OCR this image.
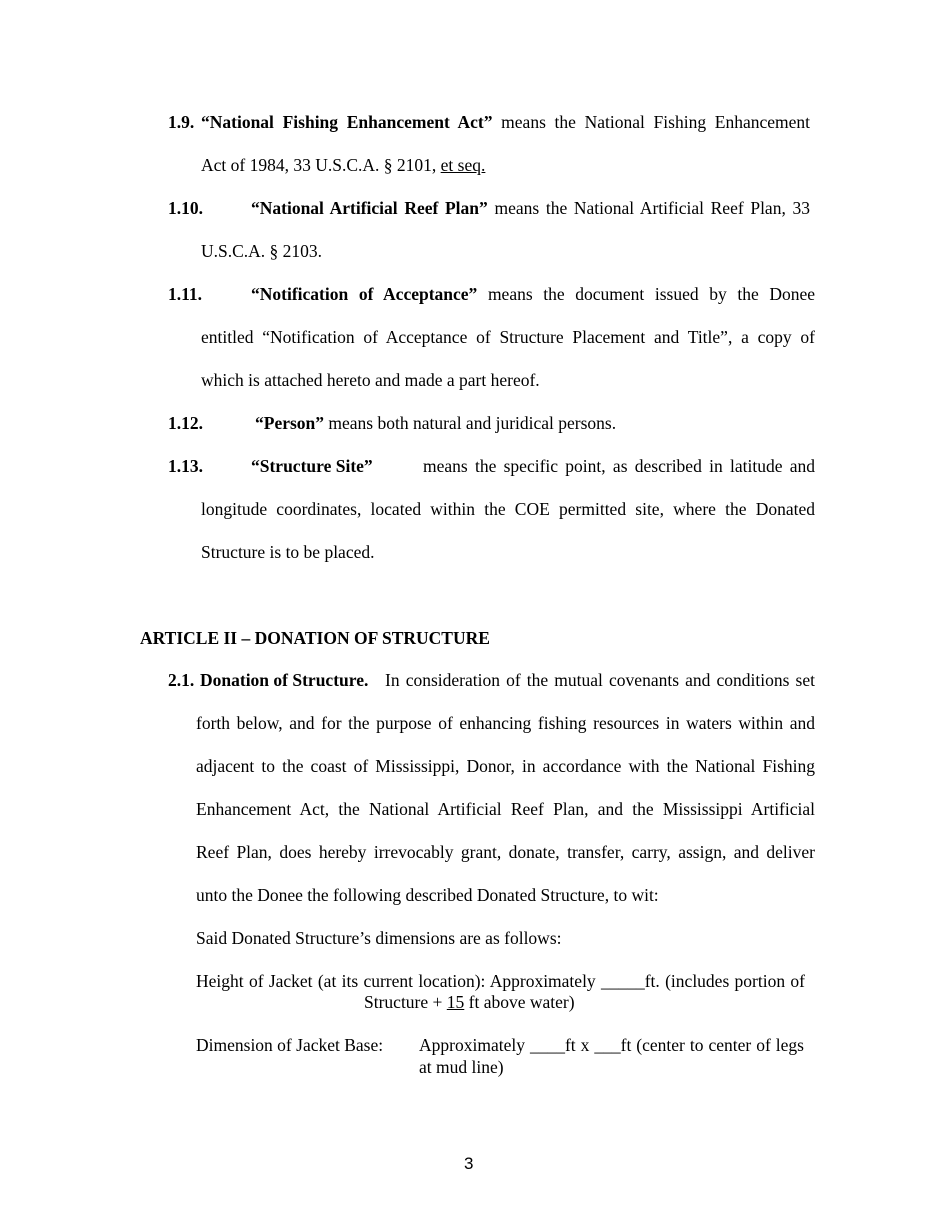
1.9. “National Fishing Enhancement Act” means the National Fishing Enhancement
Act of 1984, 33 U.S.C.A. § 2101, et seq.
1.10.	“National Artificial Reef Plan” means the National Artificial Reef Plan, 33
U.S.C.A. § 2103.
1.11.	“Notification of Acceptance” means the document issued by the Donee
entitled “Notification of Acceptance of Structure Placement and Title”, a copy of
which is attached hereto and made a part hereof.
1.12.	“Person” means both natural and juridical persons.
1.13.	“Structure Site”	means the specific point, as described in latitude and
longitude coordinates, located within the COE permitted site, where the Donated
Structure is to be placed.
ARTICLE II – DONATION OF STRUCTURE
2.1. Donation of Structure. In consideration of the mutual covenants and conditions set
forth below, and for the purpose of enhancing fishing resources in waters within and
adjacent to the coast of Mississippi, Donor, in accordance with the National Fishing
Enhancement Act, the National Artificial Reef Plan, and the Mississippi Artificial
Reef Plan, does hereby irrevocably grant, donate, transfer, carry, assign, and deliver
unto the Donee the following described Donated Structure, to wit:
Said Donated Structure’s dimensions are as follows:
Height of Jacket (at its current location): Approximately _____ft. (includes portion of
Structure + 15 ft above water)
Dimension of Jacket Base: Approximately ____ft x ___ft (center to center of legs
at mud line)
3
